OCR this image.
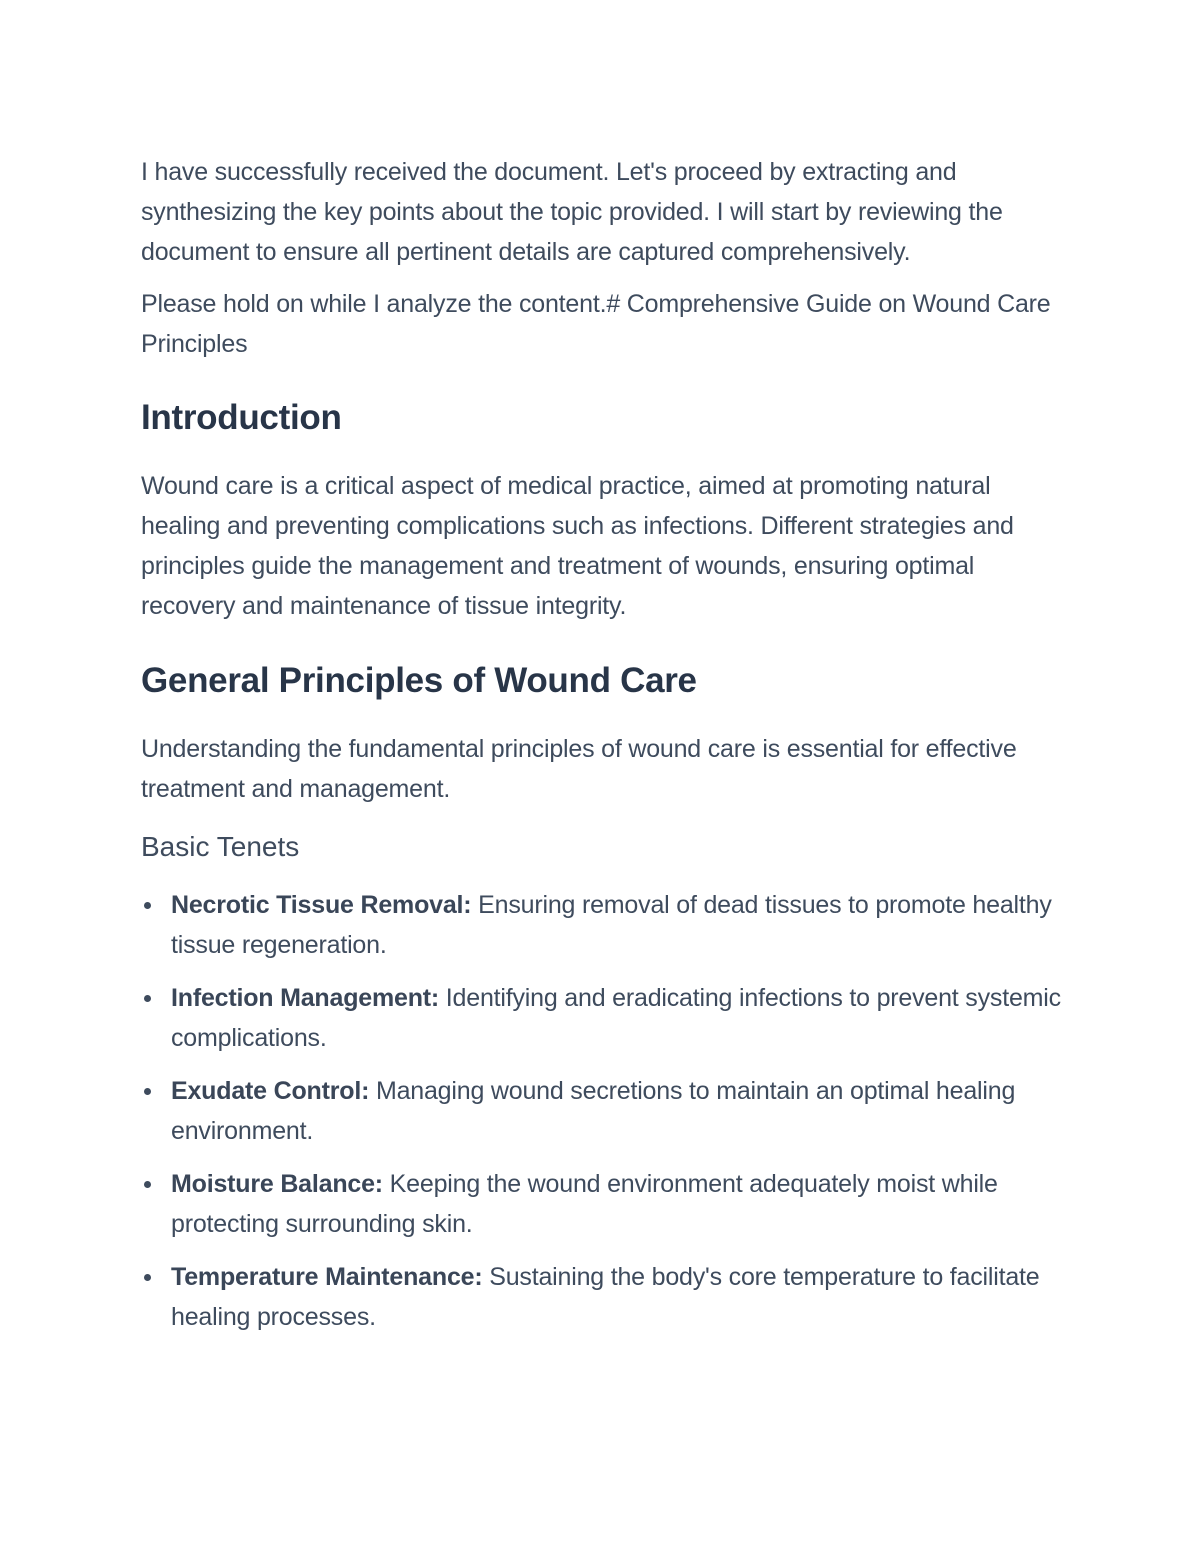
I have successfully received the document. Let's proceed by extracting and synthesizing the key points about the topic provided. I will start by reviewing the document to ensure all pertinent details are captured comprehensively.

Please hold on while I analyze the content.# Comprehensive Guide on Wound Care Principles

Introduction

Wound care is a critical aspect of medical practice, aimed at promoting natural healing and preventing complications such as infections. Different strategies and principles guide the management and treatment of wounds, ensuring optimal recovery and maintenance of tissue integrity.

General Principles of Wound Care

Understanding the fundamental principles of wound care is essential for effective treatment and management.

Basic Tenets
Necrotic Tissue Removal: Ensuring removal of dead tissues to promote healthy tissue regeneration.
Infection Management: Identifying and eradicating infections to prevent systemic complications.
Exudate Control: Managing wound secretions to maintain an optimal healing environment.
Moisture Balance: Keeping the wound environment adequately moist while protecting surrounding skin.
Temperature Maintenance: Sustaining the body's core temperature to facilitate healing processes.
